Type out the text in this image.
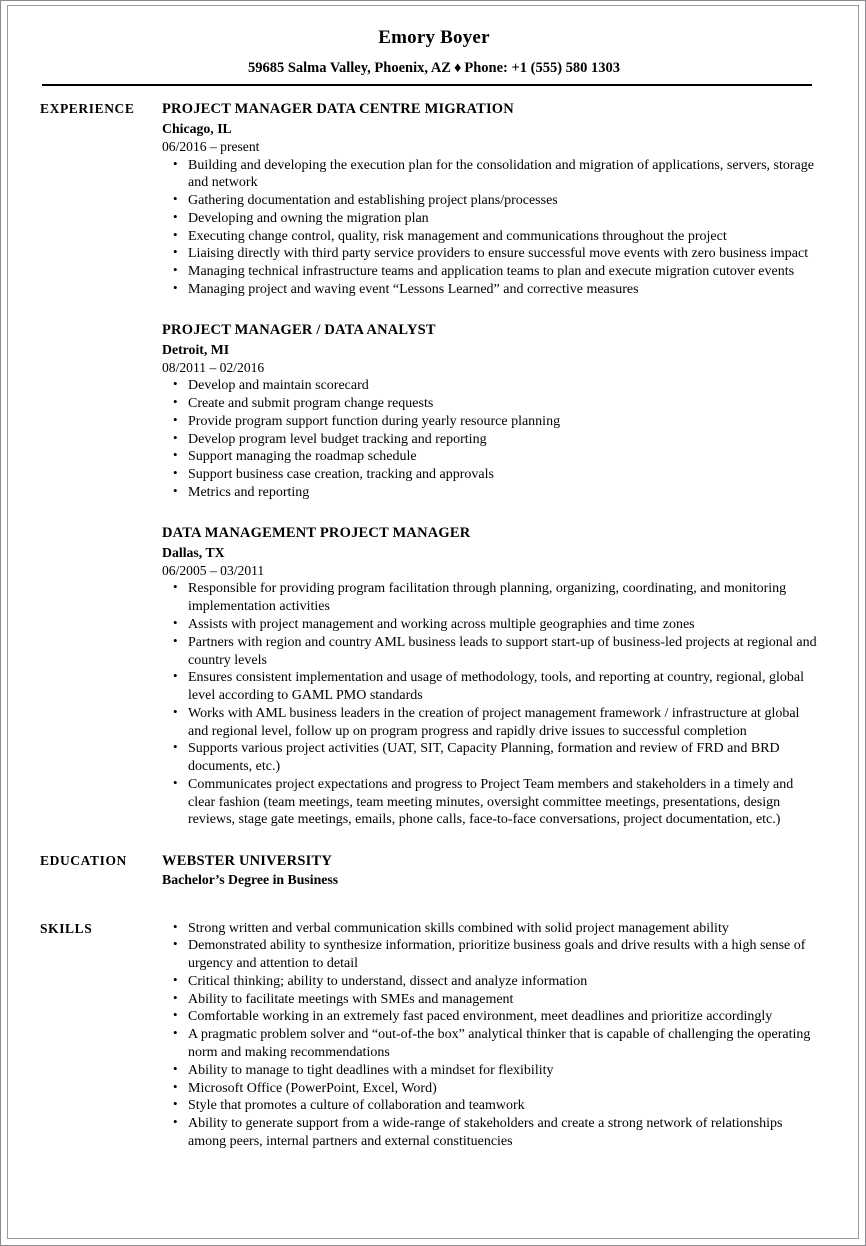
Emory Boyer
59685 Salma Valley, Phoenix, AZ ♦ Phone: +1 (555) 580 1303
EXPERIENCE	PROJECT MANAGER DATA CENTRE MIGRATION
Chicago, IL
06/2016 – present
• Building and developing the execution plan for the consolidation and migration of applications, servers, storage and network
• Gathering documentation and establishing project plans/processes
• Developing and owning the migration plan
• Executing change control, quality, risk management and communications throughout the project
• Liaising directly with third party service providers to ensure successful move events with zero business impact
• Managing technical infrastructure teams and application teams to plan and execute migration cutover events
• Managing project and waving event “Lessons Learned” and corrective measures
PROJECT MANAGER / DATA ANALYST
Detroit, MI
08/2011 – 02/2016
• Develop and maintain scorecard
• Create and submit program change requests
• Provide program support function during yearly resource planning
• Develop program level budget tracking and reporting
• Support managing the roadmap schedule
• Support business case creation, tracking and approvals
• Metrics and reporting
DATA MANAGEMENT PROJECT MANAGER
Dallas, TX
06/2005 – 03/2011
• Responsible for providing program facilitation through planning, organizing, coordinating, and monitoring implementation activities
• Assists with project management and working across multiple geographies and time zones
• Partners with region and country AML business leads to support start-up of business-led projects at regional and country levels
• Ensures consistent implementation and usage of methodology, tools, and reporting at country, regional, global level according to GAML PMO standards
• Works with AML business leaders in the creation of project management framework / infrastructure at global and regional level, follow up on program progress and rapidly drive issues to successful completion
• Supports various project activities (UAT, SIT, Capacity Planning, formation and review of FRD and BRD documents, etc.)
• Communicates project expectations and progress to Project Team members and stakeholders in a timely and clear fashion (team meetings, team meeting minutes, oversight committee meetings, presentations, design reviews, stage gate meetings, emails, phone calls, face-to-face conversations, project documentation, etc.)
EDUCATION	WEBSTER UNIVERSITY
Bachelor’s Degree in Business
SKILLS	• Strong written and verbal communication skills combined with solid project management ability
• Demonstrated ability to synthesize information, prioritize business goals and drive results with a high sense of urgency and attention to detail
• Critical thinking; ability to understand, dissect and analyze information
• Ability to facilitate meetings with SMEs and management
• Comfortable working in an extremely fast paced environment, meet deadlines and prioritize accordingly
• A pragmatic problem solver and “out-of-the box” analytical thinker that is capable of challenging the operating norm and making recommendations
• Ability to manage to tight deadlines with a mindset for flexibility
• Microsoft Office (PowerPoint, Excel, Word)
• Style that promotes a culture of collaboration and teamwork
• Ability to generate support from a wide-range of stakeholders and create a strong network of relationships among peers, internal partners and external constituencies
